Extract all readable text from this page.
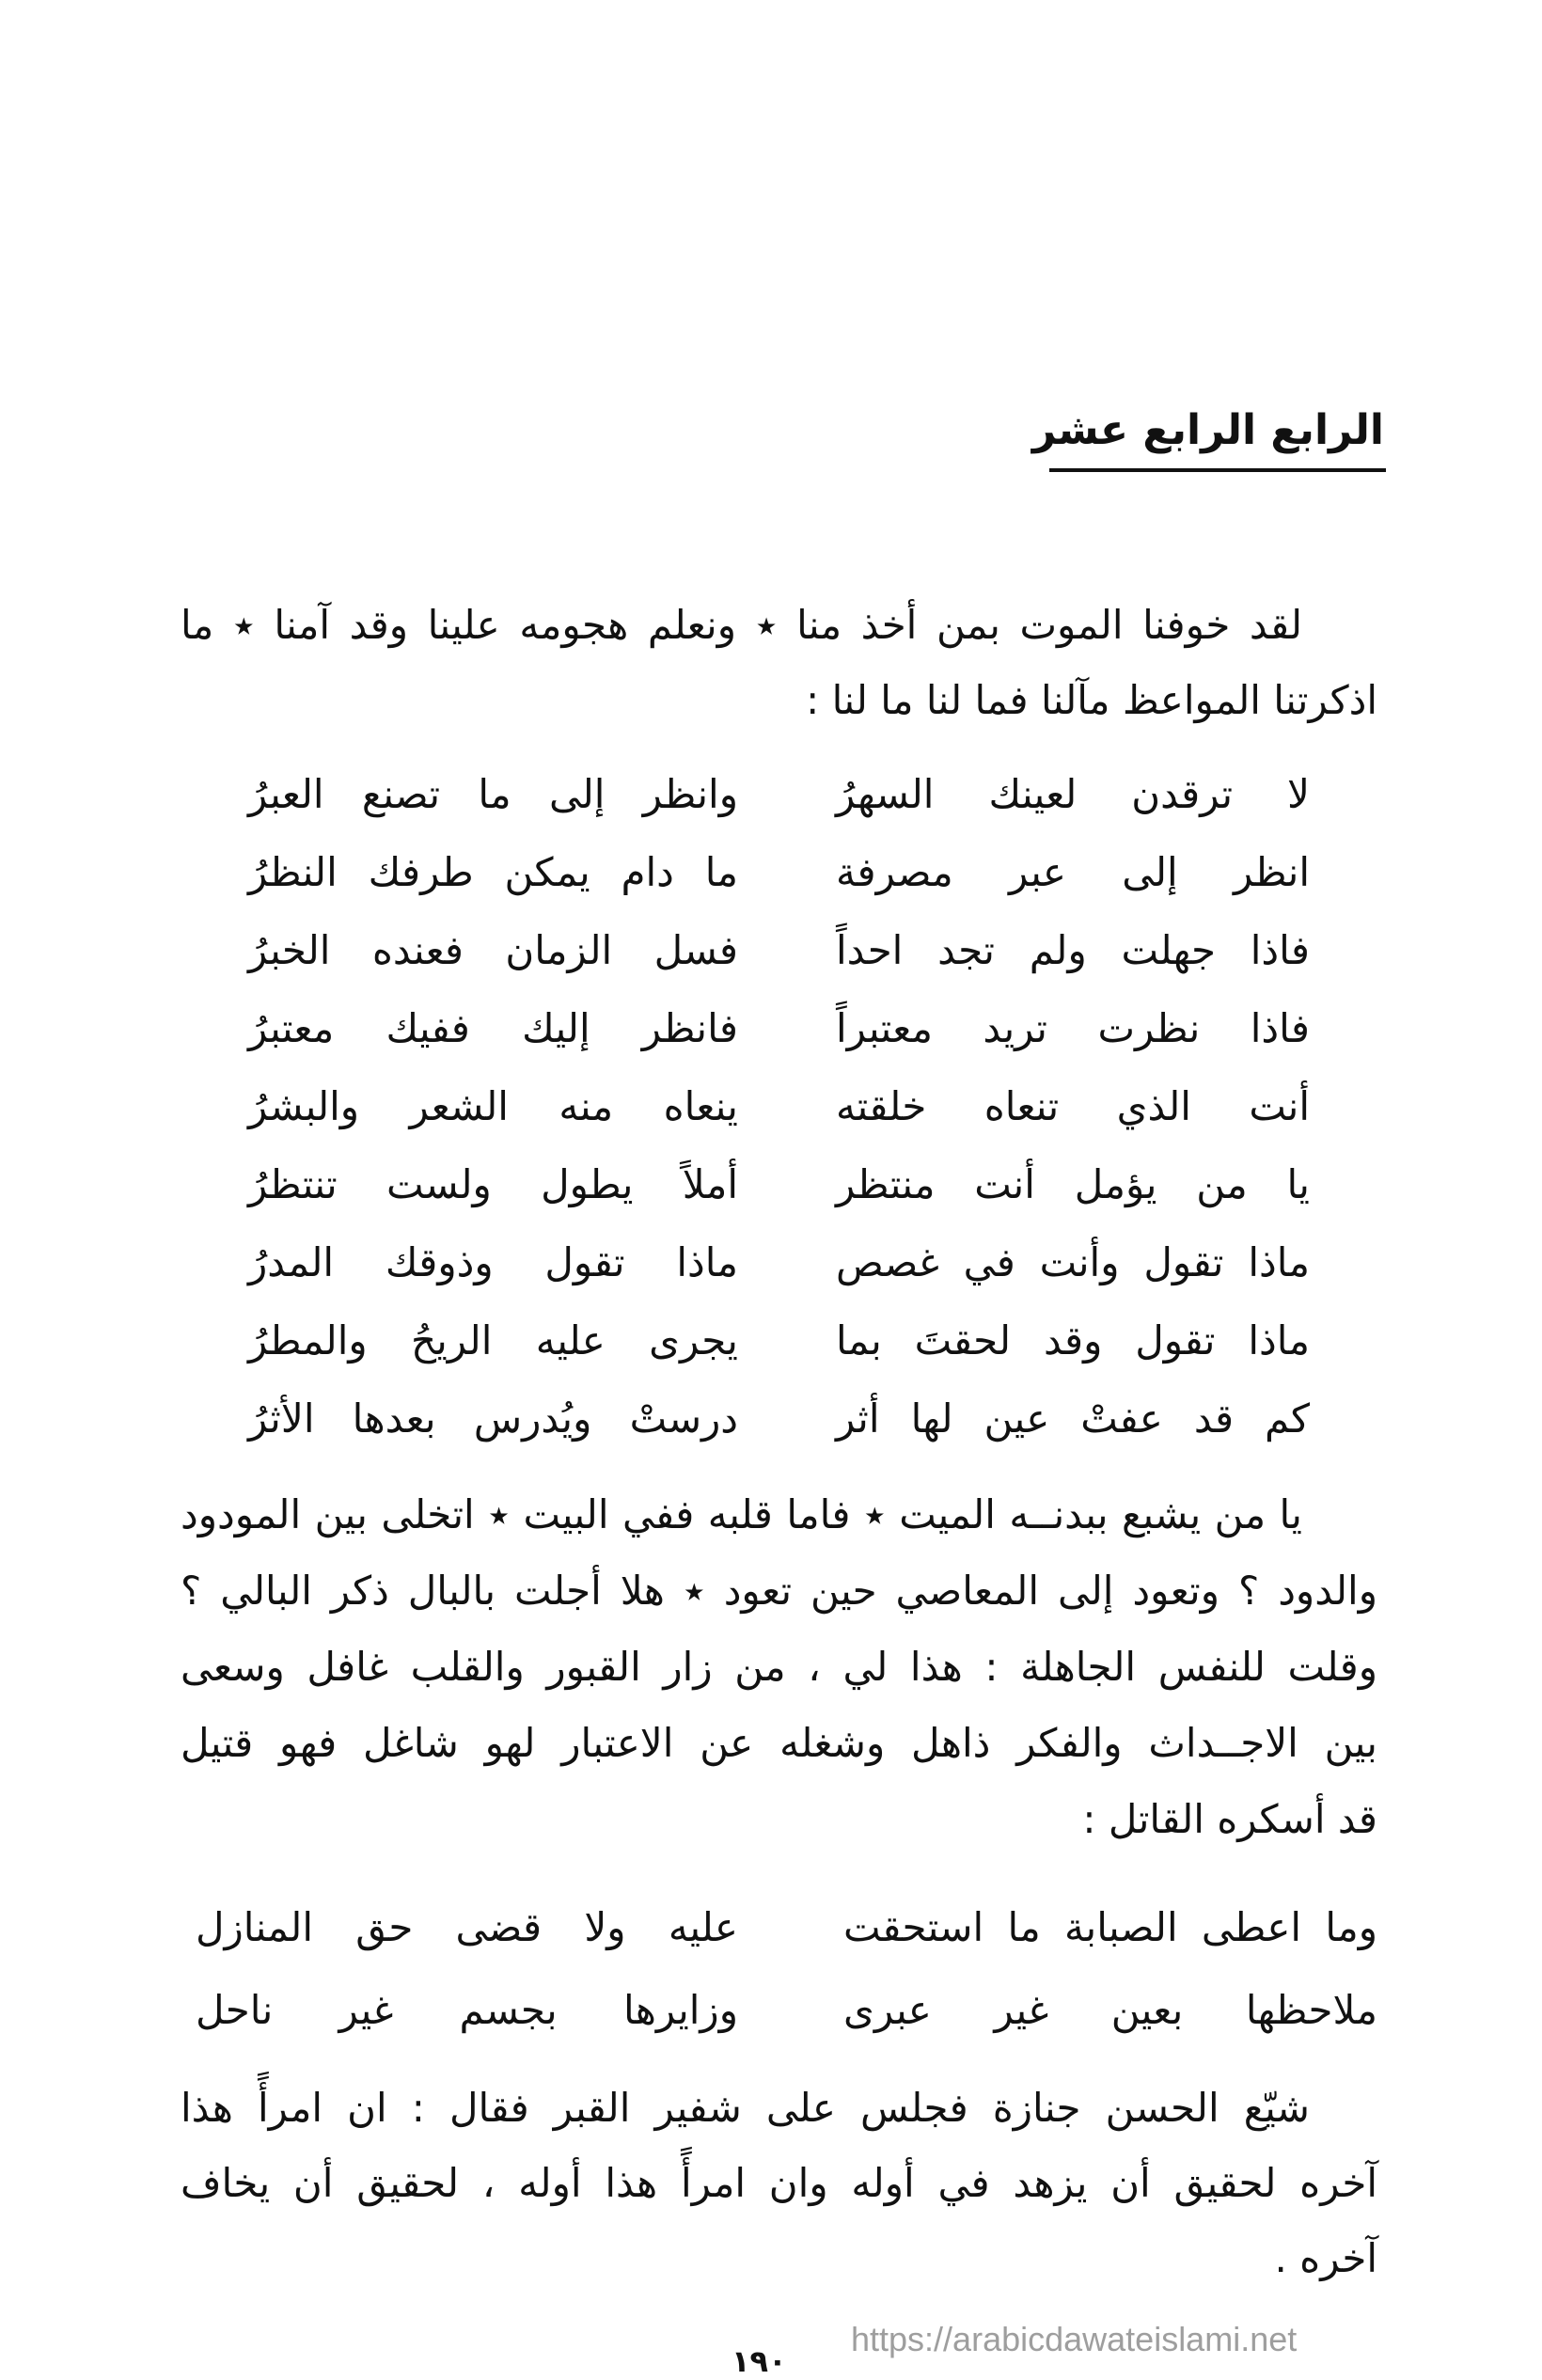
الرابع الرابع عشر
لقد خوفنا الموت بمن أخذ منا ٭ ونعلم هجومه علينا وقد آمنا ٭ ما
اذكرتنا المواعظ مآلنا فما لنا ما لنا :
لا ترقدن لعينك السهرُ
وانظر إلى ما تصنع العبرُ
انظر إلى عبر مصرفة
ما دام يمكن طرفك النظرُ
فاذا جهلت ولم تجد احداً
فسل الزمان فعنده الخبرُ
فاذا نظرت تريد معتبراً
فانظر إليك ففيك معتبرُ
أنت الذي تنعاه خلقته
ينعاه منه الشعر والبشرُ
يا من يؤمل أنت منتظر
أملاً يطول ولست تنتظرُ
ماذا تقول وأنت في غصص
ماذا تقول وذوقك المدرُ
ماذا تقول وقد لحقتَ بما
يجرى عليه الريحُ والمطرُ
كم قد عفتْ عين لها أثر
درستْ ويُدرس بعدها الأثرُ
يا من يشبع ببدنــه الميت ٭ فاما قلبه ففي البيت ٭ اتخلى بين المودود
والدود ؟ وتعود إلى المعاصي حين تعود ٭ هلا أجلت بالبال ذكر البالي ؟
وقلت للنفس الجاهلة : هذا لي ، من زار القبور والقلب غافل وسعى
بين الاجــداث والفكر ذاهل وشغله عن الاعتبار لهو شاغل فهو قتيل
قد أسكره القاتل :
وما اعطى الصبابة ما استحقت
عليه ولا قضى حق المنازل
ملاحظها بعين غير عبرى
وزايرها بجسم غير ناحل
شيّع الحسن جنازة فجلس على شفير القبر فقال : ان امرأً هذا
آخره لحقيق أن يزهد في أوله وان امرأً هذا أوله ، لحقيق أن يخاف
آخره .
https://arabicdawateislami.net
١٩٠
